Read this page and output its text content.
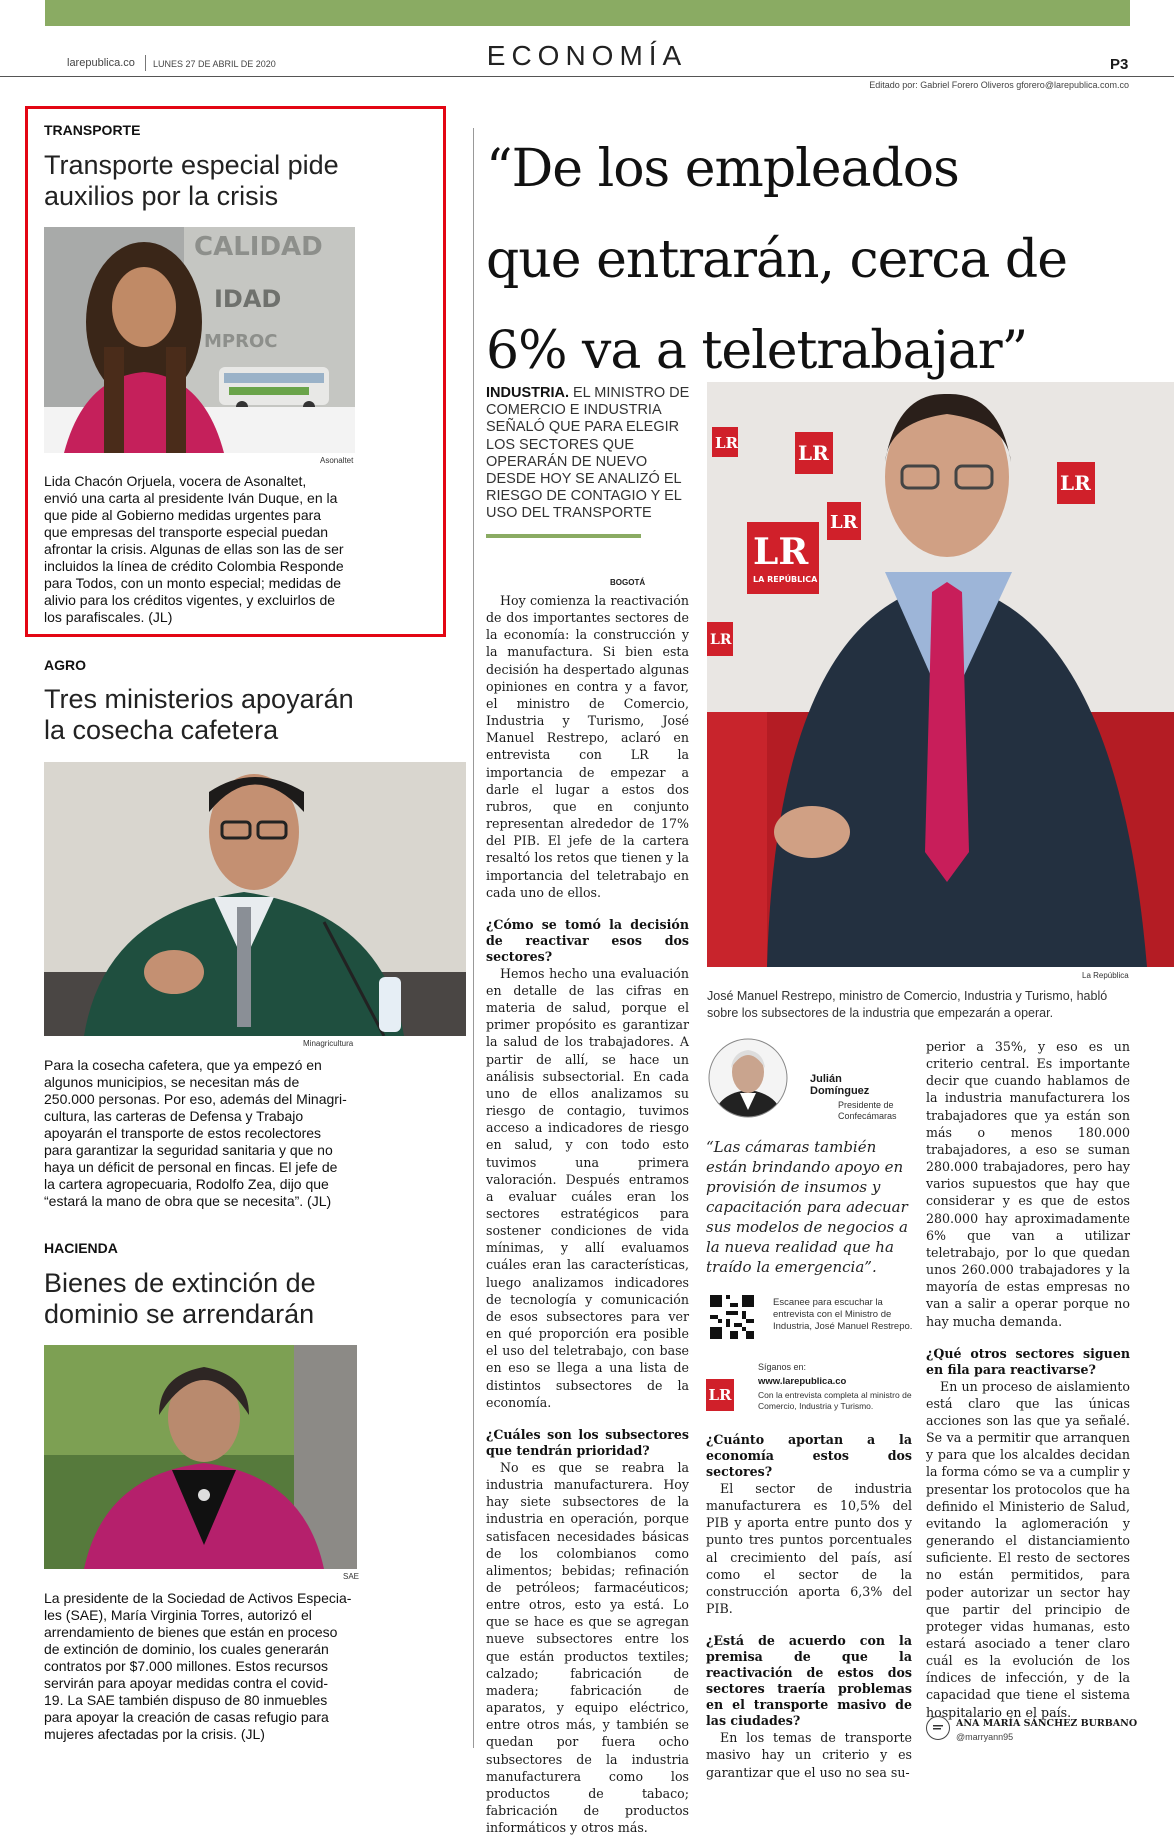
larepublica.co LUNES 27 DE ABRIL DE 2020	ECONOMÍA	P3
Editado por: Gabriel Forero Oliveros gforero@larepublica.com.co
TRANSPORTE
Transporte especial pide
auxilios por la crisis
CALIDAD
IDAD
MPROC
Asonaltet
Lida Chacón Orjuela, vocera de Asonaltet,
envió una carta al presidente Iván Duque, en la
que pide al Gobierno medidas urgentes para
que empresas del transporte especial puedan
afrontar la crisis. Algunas de ellas son las de ser
incluidos la línea de crédito Colombia Responde
para Todos, con un monto especial; medidas de
alivio para los créditos vigentes, y excluirlos de
los parafiscales. (JL)
AGRO
Tres ministerios apoyarán
la cosecha cafetera
Minagricultura
Para la cosecha cafetera, que ya empezó en
algunos municipios, se necesitan más de
250.000 personas. Por eso, además del Minagri-
cultura, las carteras de Defensa y Trabajo
apoyarán el transporte de estos recolectores
para garantizar la seguridad sanitaria y que no
haya un déficit de personal en fincas. El jefe de
la cartera agropecuaria, Rodolfo Zea, dijo que
“estará la mano de obra que se necesita”. (JL)
HACIENDA
Bienes de extinción de
dominio se arrendarán
SAE
La presidente de la Sociedad de Activos Especia-
les (SAE), María Virginia Torres, autorizó el
arrendamiento de bienes que están en proceso
de extinción de dominio, los cuales generarán
contratos por $7.000 millones. Estos recursos
servirán para apoyar medidas contra el covid-
19. La SAE también dispuso de 80 inmuebles
para apoyar la creación de casas refugio para
mujeres afectadas por la crisis. (JL)
“De los empleados
que entrarán, cerca de
6% va a teletrabajar”
INDUSTRIA. EL MINISTRO DE COMERCIO E INDUSTRIA SEÑALÓ QUE PARA ELEGIR LOS SECTORES QUE OPERARÁN DE NUEVO DESDE HOY SE ANALIZÓ EL RIESGO DE CONTAGIO Y EL USO DEL TRANSPORTE
LR	LR
LR
LR
LA REPÚBLICA
LR
LR
La República
José Manuel Restrepo, ministro de Comercio, Industria y Turismo, habló sobre los subsectores de la industria que empezarán a operar.
BOGOTÁ

Hoy comienza la reactivación de dos importantes sectores de la economía: la construcción y la manufactura. Si bien esta decisión ha despertado algunas opiniones en contra y a favor, el ministro de Comercio, Industria y Turismo, José Manuel Restrepo, aclaró en entrevista con LR la importancia de empezar a darle el lugar a estos dos rubros, que en conjunto representan alrededor de 17% del PIB. El jefe de la cartera resaltó los retos que tienen y la importancia del teletrabajo en cada uno de ellos.

¿Cómo se tomó la decisión de reactivar esos dos sectores?

Hemos hecho una evaluación en detalle de las cifras en materia de salud, porque el primer propósito es garantizar la salud de los trabajadores. A partir de allí, se hace un análisis subsectorial. En cada uno de ellos analizamos su riesgo de contagio, tuvimos acceso a indicadores de riesgo en salud, y con todo esto tuvimos una primera valoración. Después entramos a evaluar cuáles eran los sectores estratégicos para sostener condiciones de vida mínimas, y allí evaluamos cuáles eran las características, luego analizamos indicadores de tecnología y comunicación de esos subsectores para ver en qué proporción era posible el uso del teletrabajo, con base en eso se llega a una lista de distintos subsectores de la economía.

¿Cuáles son los subsectores que tendrán prioridad?

No es que se reabra la industria manufacturera. Hoy hay siete subsectores de la industria en operación, porque satisfacen necesidades básicas de los colombianos como alimentos; bebidas; refinación de petróleos; farmacéuticos; entre otros, esto ya está. Lo que se hace es que se agregan nueve subsectores entre los que están productos textiles; calzado; fabricación de madera; fabricación de aparatos, y equipo eléctrico, entre otros más, y también se quedan por fuera ocho subsectores de la industria manufacturera como los productos de tabaco; fabricación de productos informáticos y otros más.

Julián
Domínguez
Presidente de
Confecámaras
“Las cámaras también están brindando apoyo en provisión de insumos y capacitación para adecuar sus modelos de negocios a la nueva realidad que ha traído la emergencia”.
Escanee para escuchar la entrevista con el Ministro de Industria, José Manuel Restrepo.
Síganos en:
LR
www.larepublica.co
Con la entrevista completa al ministro de Comercio, Industria y Turismo.
¿Cuánto aportan a la economía estos dos sectores?

El sector de industria manufacturera es 10,5% del PIB y aporta entre punto dos y punto tres puntos porcentuales al crecimiento del país, así como el sector de la construcción aporta 6,3% del PIB.

¿Está de acuerdo con la premisa de que la reactivación de estos dos sectores traería problemas en el transporte masivo de las ciudades?

En los temas de transporte masivo hay un criterio y es garantizar que el uso no sea su-

perior a 35%, y eso es un criterio central. Es importante decir que cuando hablamos de la industria manufacturera los trabajadores que ya están son más o menos 180.000 trabajadores, a eso se suman 280.000 trabajadores, pero hay varios supuestos que hay que considerar y es que de estos 280.000 hay aproximadamente 6% que van a utilizar teletrabajo, por lo que quedan unos 260.000 trabajadores y la mayoría de estas empresas no van a salir a operar porque no hay mucha demanda.

¿Qué otros sectores siguen en fila para reactivarse?

En un proceso de aislamiento está claro que las únicas acciones son las que ya señalé. Se va a permitir que arranquen y para que los alcaldes decidan la forma cómo se va a cumplir y presentar los protocolos que ha definido el Ministerio de Salud, evitando la aglomeración y generando el distanciamiento suficiente. El resto de sectores no están permitidos, para poder autorizar un sector hay que partir del principio de proteger vidas humanas, esto estará asociado a tener claro cuál es la evolución de los índices de infección, y de la capacidad que tiene el sistema hospitalario en el país.

ANA MARÍA SÁNCHEZ BURBANO
@marryann95
